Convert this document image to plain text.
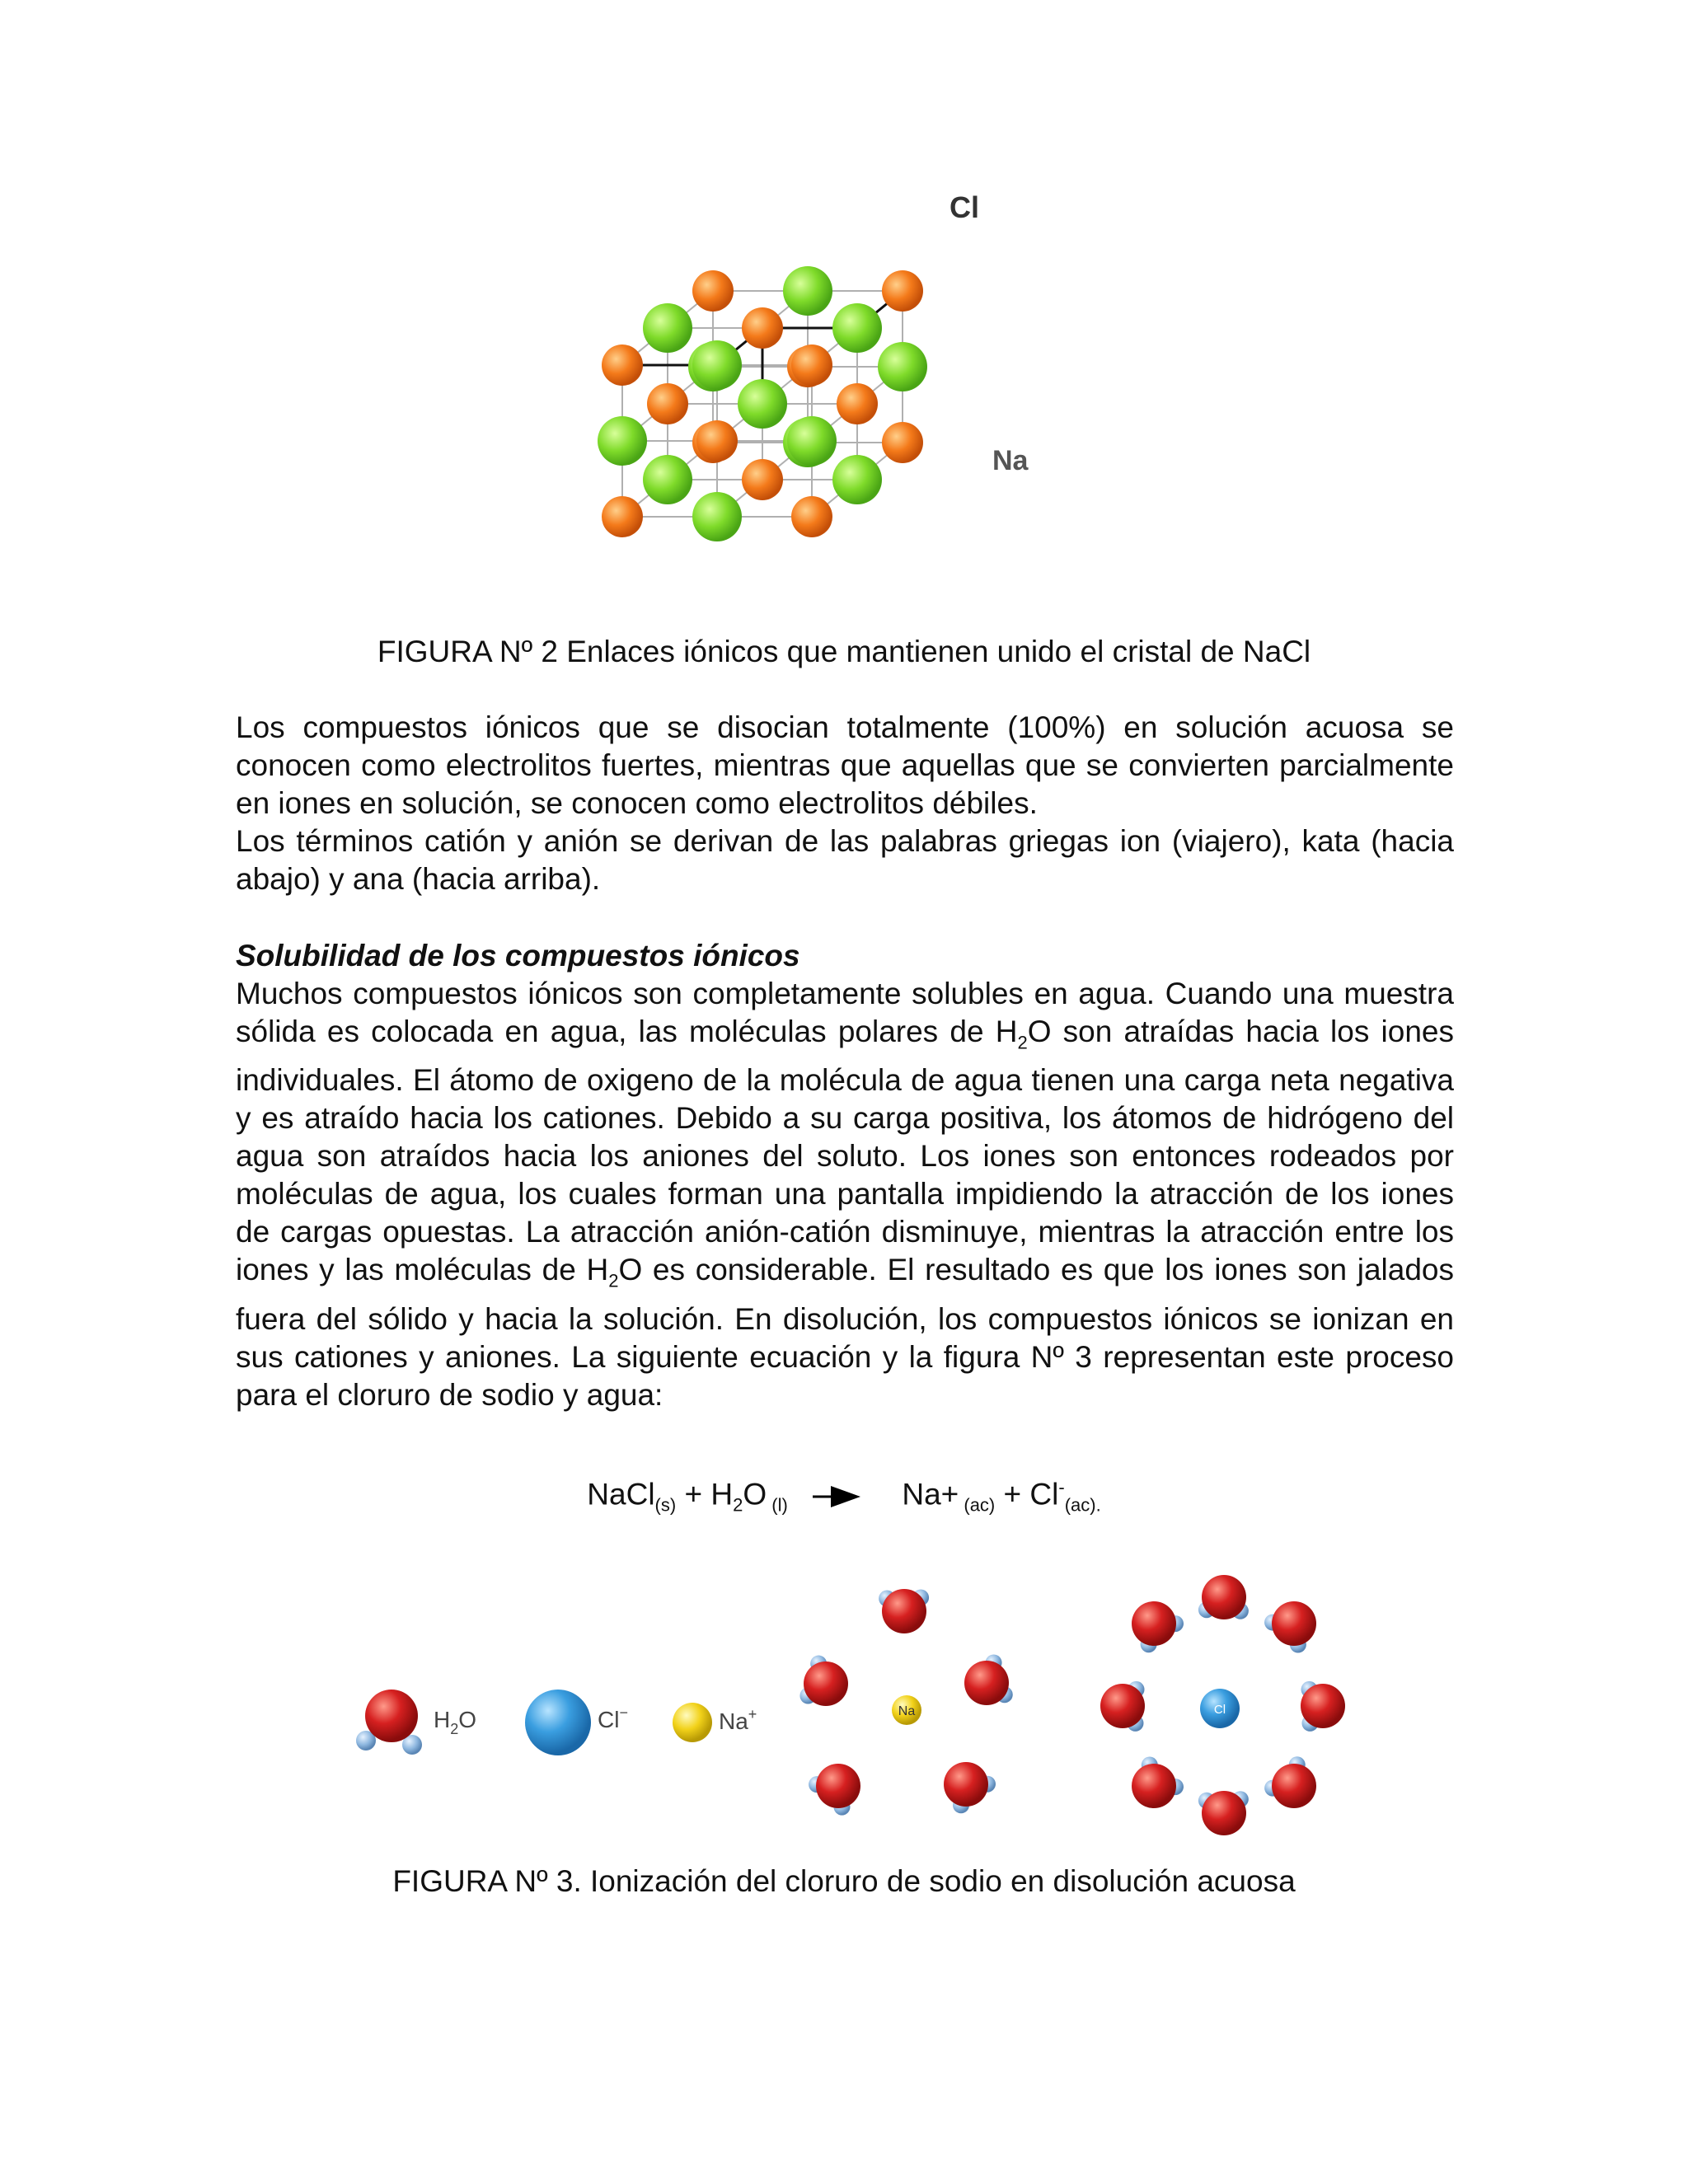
Cl
Na
FIGURA Nº 2 Enlaces iónicos que mantienen unido el cristal de NaCl

Los compuestos iónicos que se disocian totalmente (100%) en solución acuosa se conocen como electrolitos fuertes, mientras que aquellas que se convierten parcialmente en iones en solución, se conocen como electrolitos débiles.

Los términos catión y anión se derivan de las palabras griegas ion (viajero), kata (hacia abajo) y ana (hacia arriba).

Solubilidad de los compuestos iónicos

Muchos compuestos iónicos son completamente solubles en agua. Cuando una muestra sólida es colocada en agua, las moléculas polares de $H_2O$ son atraídas hacia los iones individuales. El átomo de oxigeno de la molécula de agua tienen una carga neta negativa y es atraído hacia los cationes. Debido a su carga positiva, los átomos de hidrógeno del agua son atraídos hacia los aniones del soluto. Los iones son entonces rodeados por moléculas de agua, los cuales forman una pantalla impidiendo la atracción de los iones de cargas opuestas. La atracción anión-catión disminuye, mientras la atracción entre los iones y las moléculas de $H_2O$ es considerable. El resultado es que los iones son jalados fuera del sólido y hacia la solución. En disolución, los compuestos iónicos se ionizan en sus cationes y aniones. La siguiente ecuación y la figura Nº 3 representan este proceso para el cloruro de sodio y agua:

NaCl$_{(s)}$ + $H_2O$ $_{(l)}$	$Na+ _{(ac)} + Cl^-_{(ac).}$
$H_2O$	Cl−	Na+	Na	Cl
FIGURA Nº 3. Ionización del cloruro de sodio en disolución acuosa
